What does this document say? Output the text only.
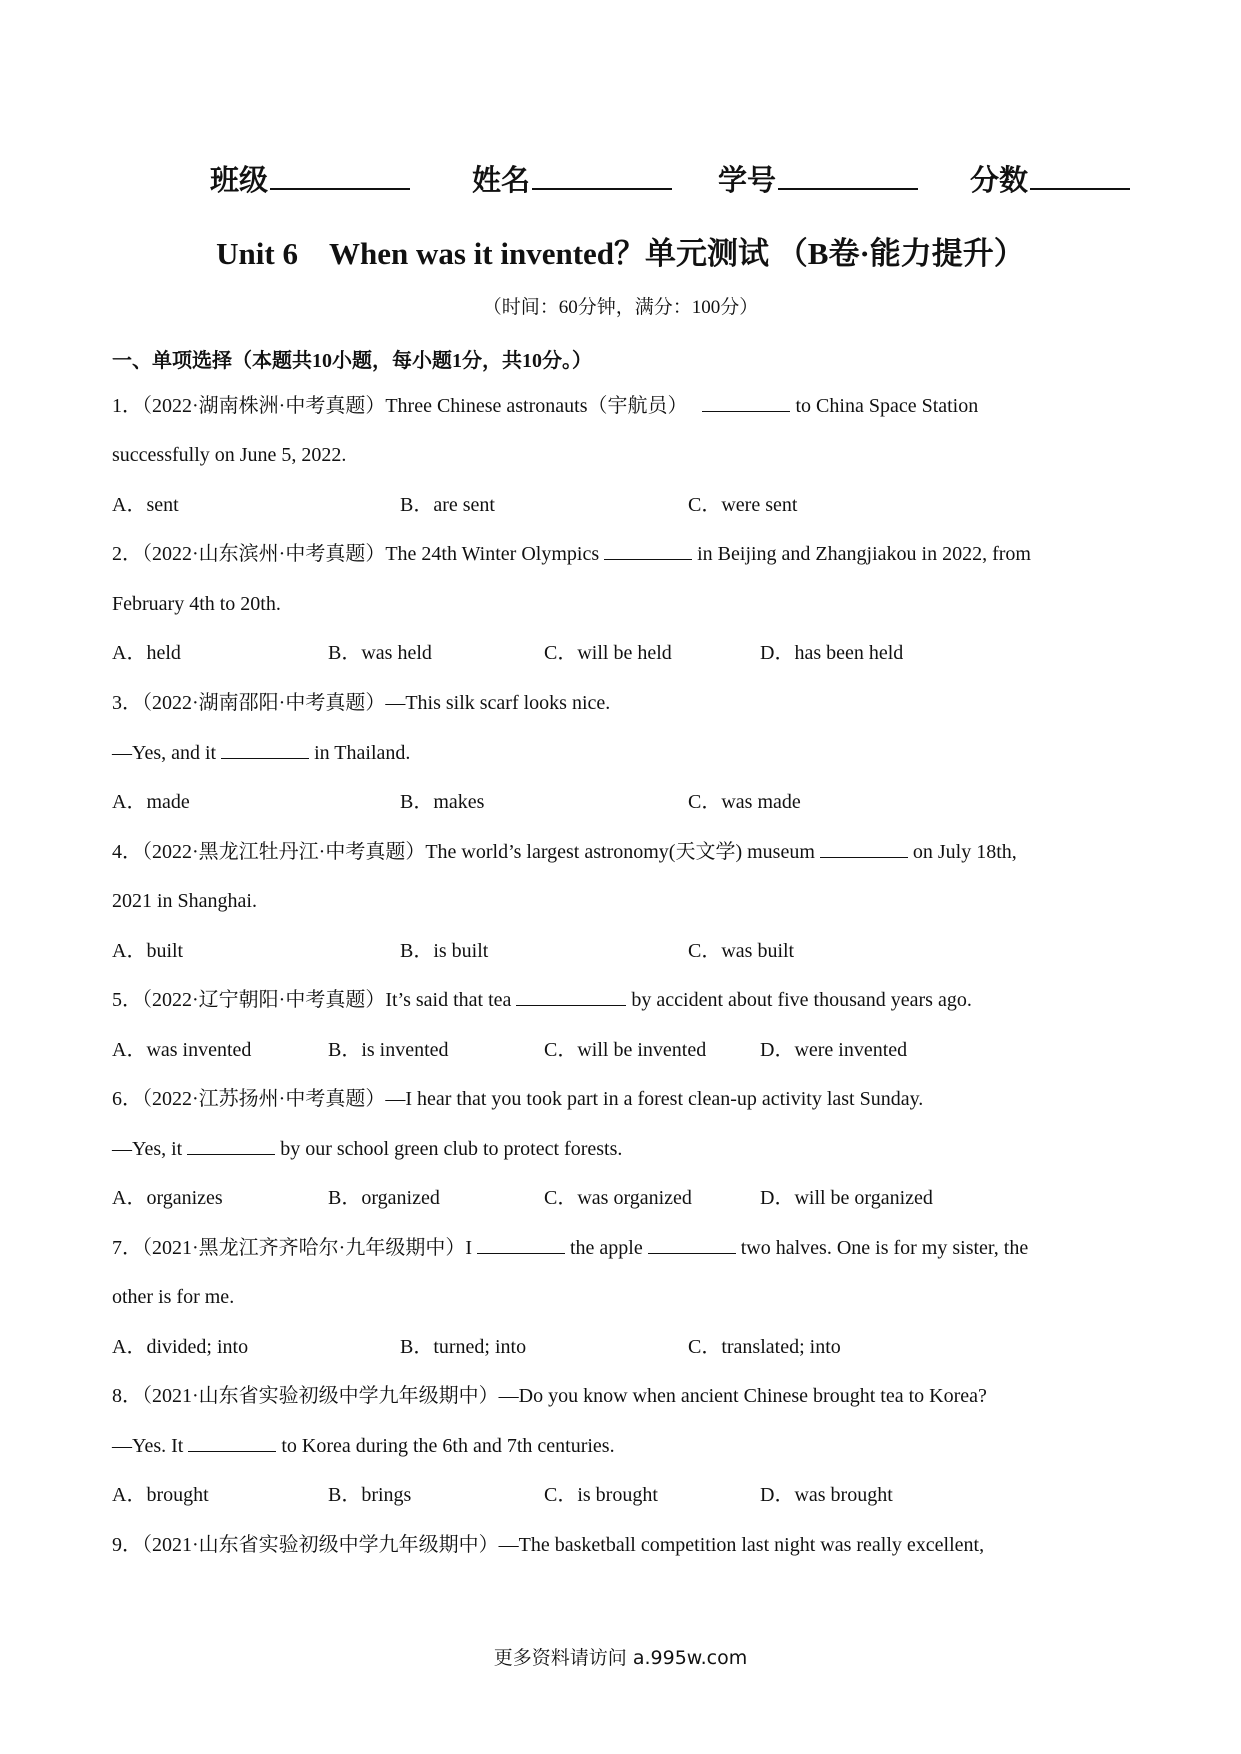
班级	姓名	学号	分数
Unit 6　When was it invented？单元测试 （B卷·能力提升）
（时间：60分钟，满分：100分）
一、单项选择（本题共10小题，每小题1分，共10分。）
1．（2022·湖南株洲·中考真题）Three Chinese astronauts（宇航员）	to China Space Station
successfully on June 5, 2022.
A．sent	B．are sent	C．were sent
2．（2022·山东滨州·中考真题）The 24th Winter Olympics	in Beijing and Zhangjiakou in 2022, from
February 4th to 20th.
A．held	B．was held	C．will be held	D．has been held
3．（2022·湖南邵阳·中考真题）—This silk scarf looks nice.
—Yes, and it	in Thailand.
A．made	B．makes	C．was made
4．（2022·黑龙江牡丹江·中考真题）The world’s largest astronomy(天文学) museum	on July 18th,
2021 in Shanghai.
A．built	B．is built	C．was built
5．（2022·辽宁朝阳·中考真题）It’s said that tea	by accident about five thousand years ago.
A．was invented	B．is invented	C．will be invented	D．were invented
6．（2022·江苏扬州·中考真题）—I hear that you took part in a forest clean-up activity last Sunday.
—Yes, it	by our school green club to protect forests.
A．organizes	B．organized	C．was organized	D．will be organized
7．（2021·黑龙江齐齐哈尔·九年级期中）I	the apple	two halves. One is for my sister, the
other is for me.
A．divided; into	B．turned; into	C．translated; into
8．（2021·山东省实验初级中学九年级期中）—Do you know when ancient Chinese brought tea to Korea?
—Yes. It	to Korea during the 6th and 7th centuries.
A．brought	B．brings	C．is brought	D．was brought
9．（2021·山东省实验初级中学九年级期中）—The basketball competition last night was really excellent,
更多资料请访问 a.995w.com
